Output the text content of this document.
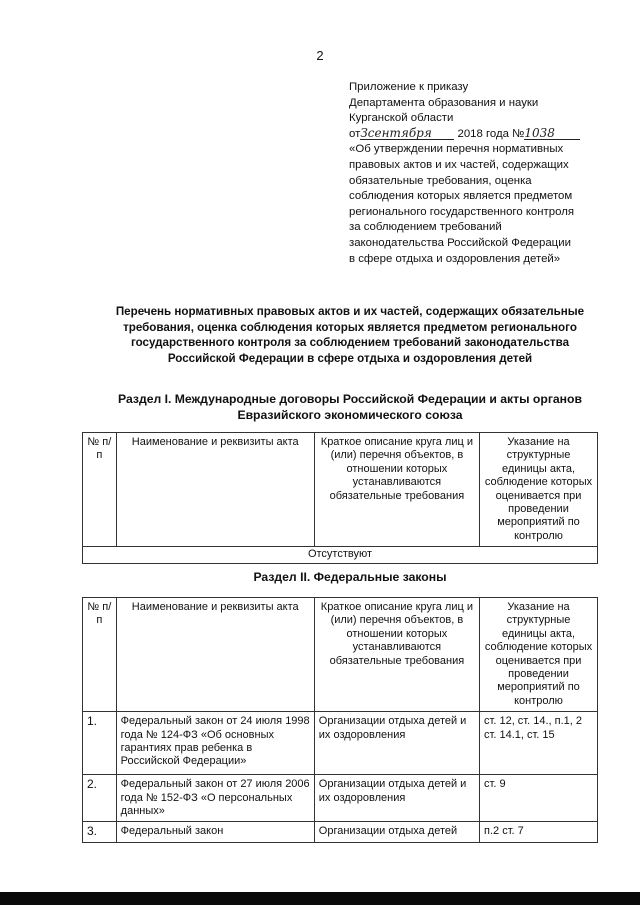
2
Приложение к приказу
Департамента образования и науки
Курганской области
отЗсентября 2018 года №1038
«Об утверждении перечня нормативных
правовых актов и их частей, содержащих
обязательные требования, оценка
соблюдения которых является предметом
регионального государственного контроля
за соблюдением требований
законодательства Российской Федерации
в сфере отдыха и оздоровления детей»
Перечень нормативных правовых актов и их частей, содержащих обязательные
требования, оценка соблюдения которых является предметом регионального
государственного контроля за соблюдением требований законодательства
Российской Федерации в сфере отдыха и оздоровления детей
Раздел I. Международные договоры Российской Федерации и акты органов
Евразийского экономического союза
№ п/п	Наименование и реквизиты акта	Краткое описание круга лиц и (или) перечня объектов, в отношении которых устанавливаются обязательные требования	Указание на структурные единицы акта, соблюдение которых оценивается при проведении мероприятий по контролю
Отсутствуют
Раздел II. Федеральные законы
№ п/п	Наименование и реквизиты акта	Краткое описание круга лиц и (или) перечня объектов, в отношении которых устанавливаются обязательные требования	Указание на структурные единицы акта, соблюдение которых оценивается при проведении мероприятий по контролю
1.	Федеральный закон от 24 июля 1998 года № 124-ФЗ «Об основных гарантиях прав ребенка в Российской Федерации»	Организации отдыха детей и их оздоровления	ст. 12, ст. 14., п.1, 2 ст. 14.1, ст. 15
2.	Федеральный закон от 27 июля 2006 года № 152-ФЗ «О персональных данных»	Организации отдыха детей и их оздоровления	ст. 9
3.	Федеральный закон	Организации отдыха детей	п.2 ст. 7
